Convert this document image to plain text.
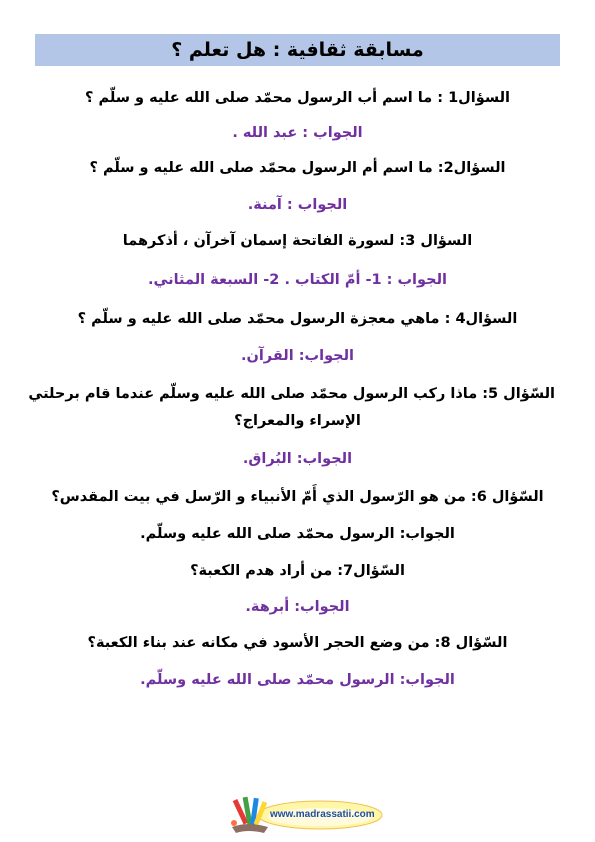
مسابقة ثقافية : هل تعلم ؟
السؤال1 : ما اسم أب الرسول محمّد صلى الله عليه و سلّم ؟
الجواب : عبد الله .
السؤال2: ما اسم أم الرسول محمّد صلى الله عليه و سلّم ؟
الجواب : آمنة.
السؤال 3: لسورة الفاتحة إسمان آخرآن ، أذكرهما
الجواب : 1- أمّ الكتاب . 2- السبعة المثاني.
السؤال4 : ماهي معجزة الرسول محمّد صلى الله عليه و سلّم ؟
الجواب: القرآن.
السّؤال 5: ماذا ركب الرسول محمّد صلى الله عليه وسلّم عندما قام برحلتي
الإسراء والمعراج؟
الجواب: البُراق.
السّؤال 6: من هو الرّسول الذي أَمّ الأنبياء و الرّسل في بيت المقدس؟
الجواب: الرسول محمّد صلى الله عليه وسلّم.
السّؤال7: من أراد هدم الكعبة؟
الجواب: أبرهة.
السّؤال 8: من وضع الحجر الأسود في مكانه عند بناء الكعبة؟
الجواب: الرسول محمّد صلى الله عليه وسلّم.
www.madrassatii.com
